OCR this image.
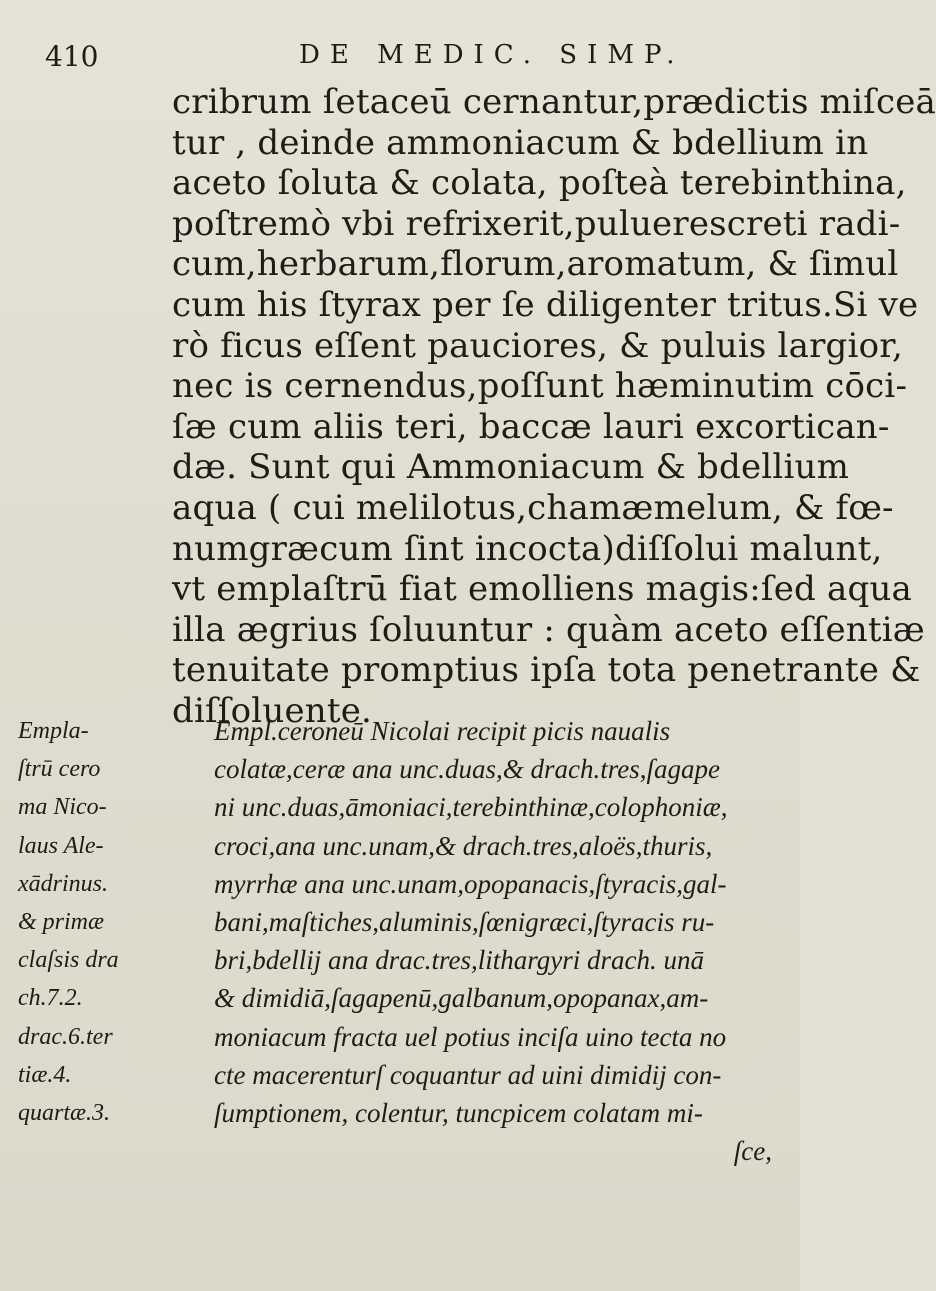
410	DE MEDIC. SIMP.
cribrum ſetaceū cernantur,prædictis miſceā
tur , deinde ammoniacum & bdellium in
aceto ſoluta & colata, poſteà terebinthina,
poſtremò vbi refrixerit,puluerescreti radi-
cum,herbarum,florum,aromatum, & ſimul
cum his ſtyrax per ſe diligenter tritus.Si ve
rò ficus eſſent pauciores, & puluis largior,
nec is cernendus,poſſunt hæminutim cōci-
ſæ cum aliis teri, baccæ lauri excortican-
dæ. Sunt qui Ammoniacum & bdellium
aqua ( cui melilotus,chamæmelum, & fœ-
numgræcum ſint incocta)diſſolui malunt,
vt emplaſtrū fiat emolliens magis:ſed aqua
illa ægrius ſoluuntur : quàm aceto eſſentiæ
tenuitate promptius ipſa tota penetrante &
diſſoluente.
Empla-
ſtrū cero
ma Nico-
laus Ale-
xādrinus.
& primæ
claſsis dra
ch.7.2.
drac.6.ter
tiæ.4.
quartæ.3.
Empl.ceroneū Nicolai recipit picis naualis
colatæ,ceræ ana unc.duas,& drach.tres,ſagape
ni unc.duas,āmoniaci,terebinthinæ,colophoniæ,
croci,ana unc.unam,& drach.tres,aloës,thuris,
myrrhæ ana unc.unam,opopanacis,ſtyracis,gal-
bani,maſtiches,aluminis,ſœnigræci,ſtyracis ru-
bri,bdellij ana drac.tres,lithargyri drach. unā
& dimidiā,ſagapenū,galbanum,opopanax,am-
moniacum fracta uel potius inciſa uino tecta no
cte macerenturſ coquantur ad uini dimidij con-
ſumptionem, colentur, tuncpicem colatam mi-
ſce,
